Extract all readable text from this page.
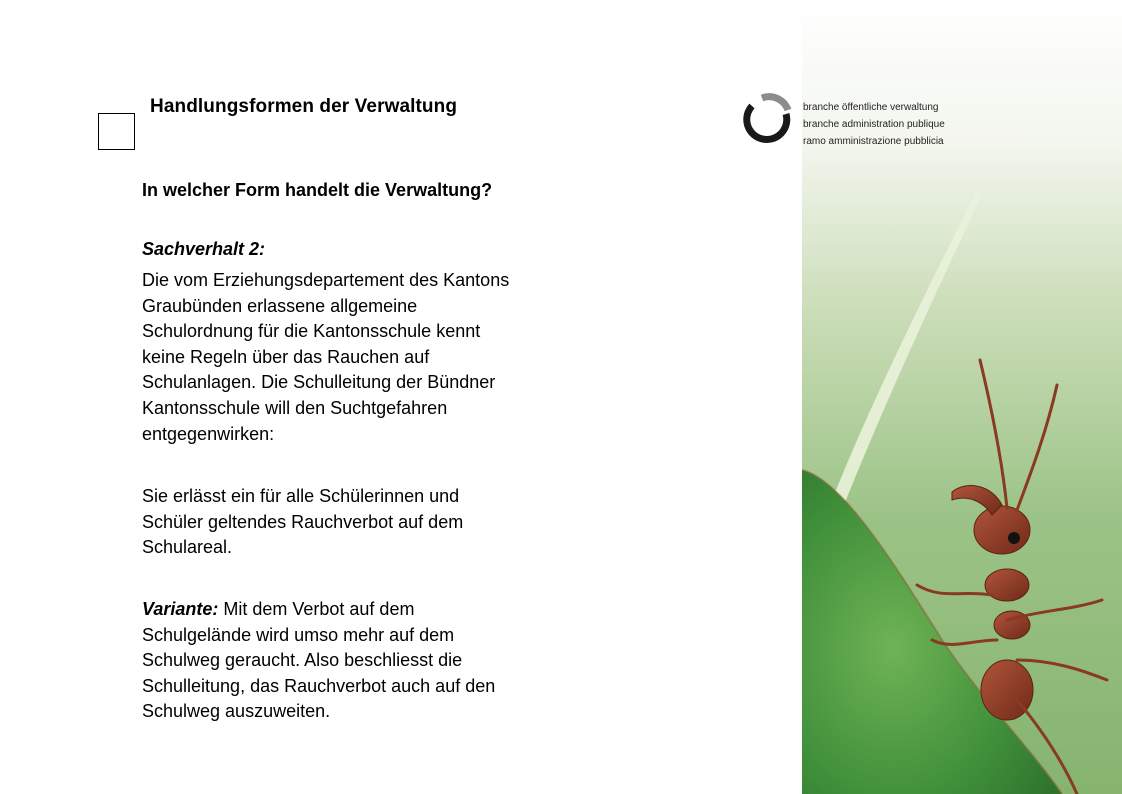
Handlungsformen der Verwaltung
In welcher Form handelt die Verwaltung?
Sachverhalt 2:
Die vom Erziehungsdepartement des Kantons
Graubünden erlassene allgemeine
Schulordnung für die Kantonsschule kennt
keine Regeln über das Rauchen auf
Schulanlagen. Die Schulleitung der Bündner
Kantonsschule will den Suchtgefahren
entgegenwirken:
Sie erlässt ein für alle Schülerinnen und
Schüler geltendes Rauchverbot auf dem
Schulareal.
Variante: Mit dem Verbot auf dem
Schulgelände wird umso mehr auf dem
Schulweg geraucht. Also beschliesst die
Schulleitung, das Rauchverbot auch auf den
Schulweg auszuweiten.
branche öffentliche verwaltung
branche administration publique
ramo amministrazione pubblicia
